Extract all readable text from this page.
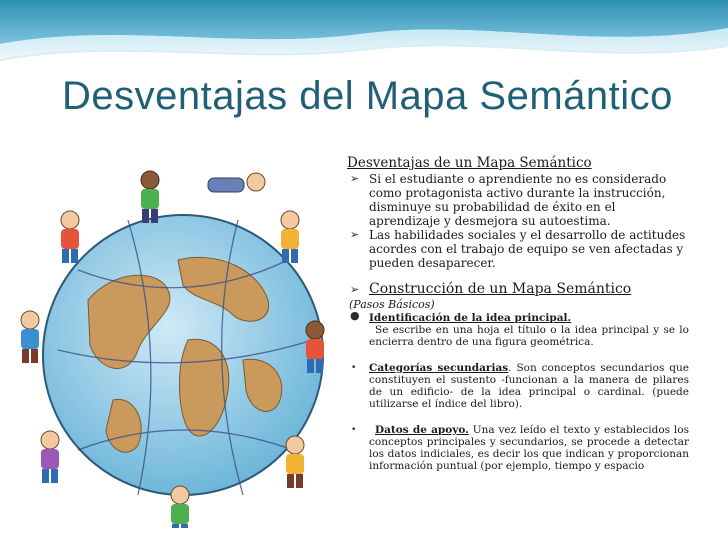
Desventajas del Mapa Semántico
Desventajas de un Mapa Semántico
➢ Si el estudiante o aprendiente no es considerado como protagonista activo durante la instrucción, disminuye su probabilidad de éxito en el aprendizaje y desmejora su autoestima.
➢ Las habilidades sociales y el desarrollo de actitudes acordes con el trabajo de equipo se ven afectadas y pueden desaparecer.
➢ Construcción de un Mapa Semántico
(Pasos Básicos)
● Identificación de la idea principal.
Se escribe en una hoja el título o la idea principal y se lo encierra dentro de una figura geométrica.
• Categorías secundarias. Son conceptos secundarios que constituyen el sustento -funcionan a la manera de pilares de un edificio- de la idea principal o cardinal. (puede utilizarse el índice del libro).
• Datos de apoyo. Una vez leído el texto y establecidos los conceptos principales y secundarios, se procede a detectar los datos indiciales, es decir los que indican y proporcionan información puntual (por ejemplo, tiempo y espacio
